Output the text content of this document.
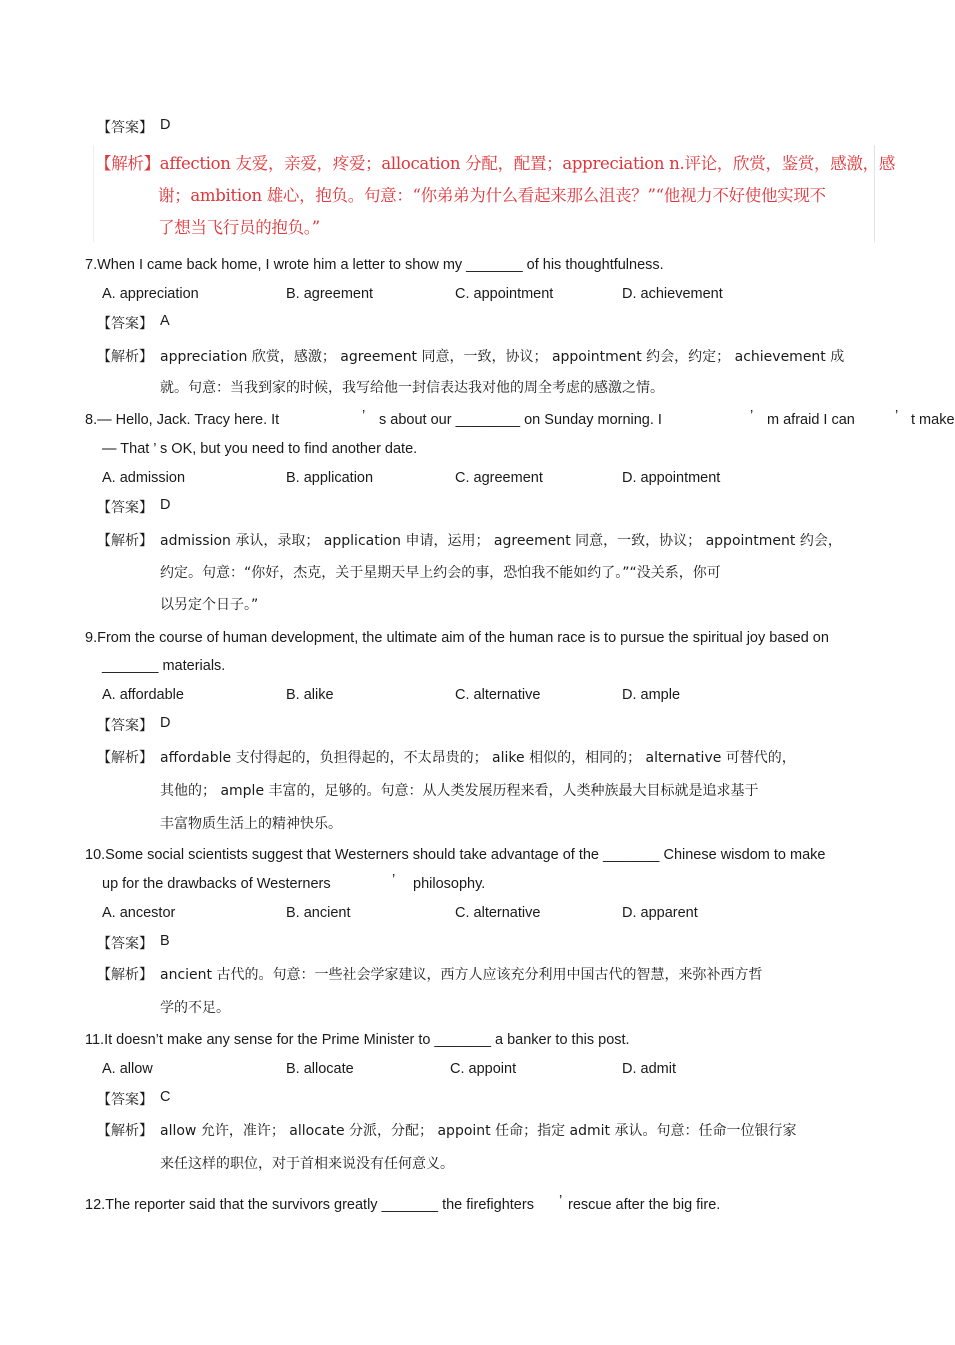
【答案】 D
【解析】affection 友爱，亲爱，疼爱；allocation 分配，配置；appreciation n.评论，欣赏，鉴赏，感激，感
谢；ambition 雄心，抱负。句意：“你弟弟为什么看起来那么沮丧？”“他视力不好使他实现不
了想当飞行员的抱负。”
7.When I came back home, I wrote him a letter to show my _______ of his thoughtfulness.
A. appreciation	B. agreement	C. appointment	D. achievement
【答案】 A
【解析】 appreciation 欣赏，感激； agreement 同意，一致，协议； appointment 约会，约定； achievement 成
就。句意：当我到家的时候，我写给他一封信表达我对他的周全考虑的感激之情。
8.— Hello, Jack. Tracy here. It	’ s about our ________ on Sunday morning. I	’ m afraid I can	’ t make
— That ’ s OK, but you need to find another date.
A. admission	B. application	C. agreement	D. appointment
【答案】 D
【解析】 admission 承认，录取； application 申请，运用； agreement 同意，一致，协议； appointment 约会，
约定。句意：“你好，杰克，关于星期天早上约会的事，恐怕我不能如约了。”“没关系，你可
以另定个日子。”
9.From the course of human development, the ultimate aim of the human race is to pursue the spiritual joy based on
_______ materials.
A. affordable	B. alike	C. alternative	D. ample
【答案】 D
【解析】 affordable 支付得起的，负担得起的，不太昂贵的； alike 相似的，相同的； alternative 可替代的，
其他的； ample 丰富的，足够的。句意：从人类发展历程来看，人类种族最大目标就是追求基于
丰富物质生活上的精神快乐。
10.Some social scientists suggest that Westerners should take advantage of the _______ Chinese wisdom to make
up for the drawbacks of Westerners	’ philosophy.
A. ancestor	B. ancient	C. alternative	D. apparent
【答案】 B
【解析】 ancient 古代的。句意：一些社会学家建议，西方人应该充分利用中国古代的智慧，来弥补西方哲
学的不足。
11.It doesn’t make any sense for the Prime Minister to _______ a banker to this post.
A. allow	B. allocate	C. appoint	D. admit
【答案】 C
【解析】 allow 允许，准许； allocate 分派，分配； appoint 任命；指定 admit 承认。句意：任命一位银行家
来任这样的职位，对于首相来说没有任何意义。
12.The reporter said that the survivors greatly _______ the firefighters ’ rescue after the big fire.
